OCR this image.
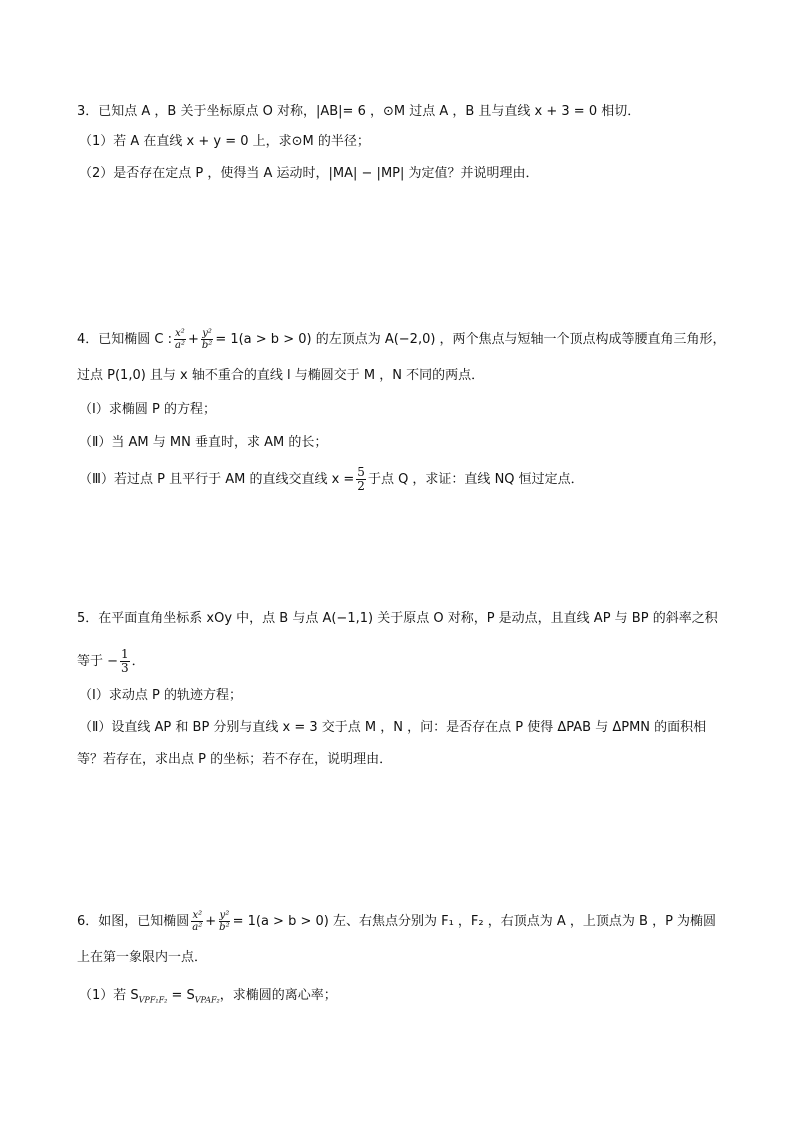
3．已知点 A ，B 关于坐标原点 O 对称，|AB|= 6 ，⊙M 过点 A ，B 且与直线 x + 3 = 0 相切．
（1）若 A 在直线 x + y = 0 上，求⊙M 的半径；
（2）是否存在定点 P ，使得当 A 运动时，|MA| − |MP| 为定值？并说明理由．
4．已知椭圆 C : $\frac{\text{x²}}{\text{a²}} + \frac{\text{y²}}{\text{b²}} = 1(a > b > 0)$ 的左顶点为 A(−2,0) ，两个焦点与短轴一个顶点构成等腰直角三角形，
过点 P(1,0) 且与 x 轴不重合的直线 l 与椭圆交于 M ，N 不同的两点．
（Ⅰ）求椭圆 P 的方程；
（Ⅱ）当 AM 与 MN 垂直时，求 AM 的长；
（Ⅲ）若过点 P 且平行于 AM 的直线交直线 $x = \frac{5}{2}$ 于点 Q ，求证：直线 NQ 恒过定点．
5．在平面直角坐标系 xOy 中，点 B 与点 A(−1,1) 关于原点 O 对称，P 是动点，且直线 AP 与 BP 的斜率之积
等于 − $\frac{1}{3}$ ．
（Ⅰ）求动点 P 的轨迹方程；
（Ⅱ）设直线 AP 和 BP 分别与直线 x = 3 交于点 M ，N ，问：是否存在点 P 使得 ΔPAB 与 ΔPMN 的面积相
等？若存在，求出点 P 的坐标；若不存在，说明理由．
6．如图，已知椭圆 $\frac{\text{x²}}{\text{a²}} + \frac{\text{y²}}{\text{b²}} = 1(a > b > 0)$ 左、右焦点分别为 F₁ ，F₂ ，右顶点为 A ，上顶点为 B ，P 为椭圆
上在第一象限内一点．
（1）若 $S_{VPF_1F_2} = S_{VPAF_2}$，求椭圆的离心率；
